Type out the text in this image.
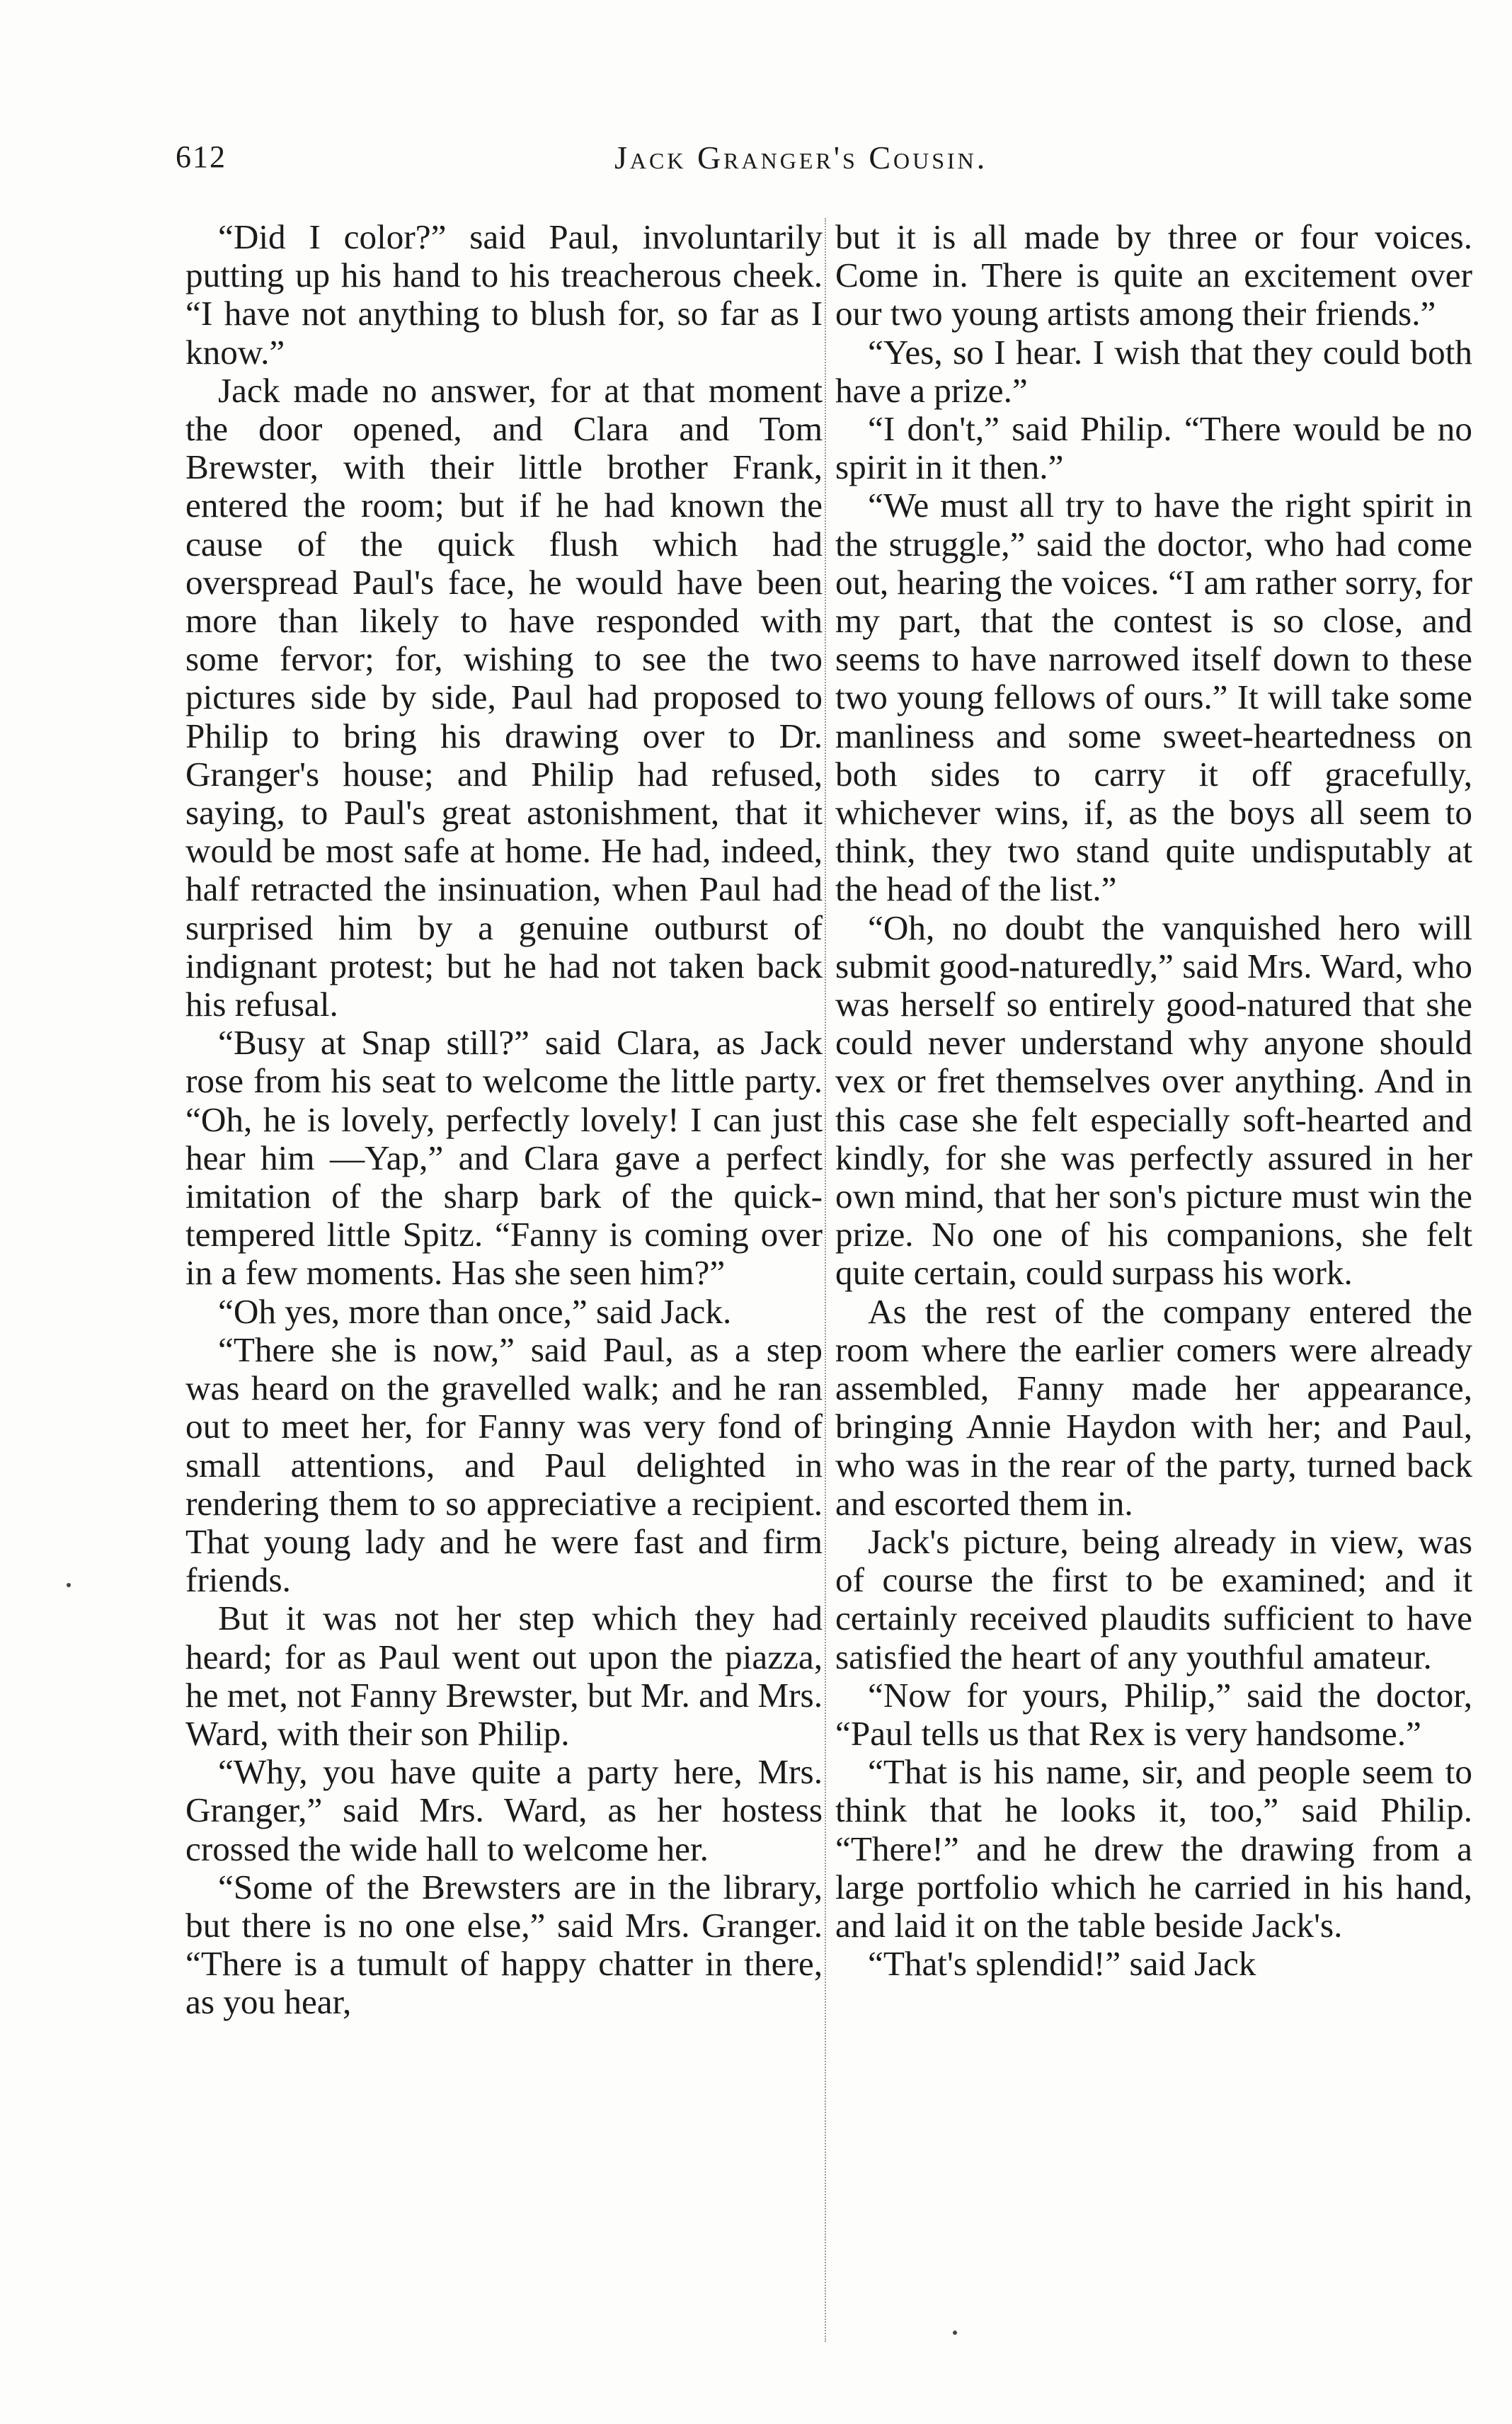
612	Jack Granger's Cousin.

“Did I color?” said Paul, involuntarily putting up his hand to his treacherous cheek. “I have not anything to blush for, so far as I know.”

Jack made no answer, for at that moment the door opened, and Clara and Tom Brewster, with their little brother Frank, entered the room; but if he had known the cause of the quick flush which had overspread Paul's face, he would have been more than likely to have responded with some fervor; for, wishing to see the two pictures side by side, Paul had proposed to Philip to bring his drawing over to Dr. Granger's house; and Philip had refused, saying, to Paul's great astonishment, that it would be most safe at home. He had, indeed, half retracted the insinuation, when Paul had surprised him by a genuine outburst of indignant protest; but he had not taken back his refusal.

“Busy at Snap still?” said Clara, as Jack rose from his seat to welcome the little party. “Oh, he is lovely, perfectly lovely! I can just hear him —Yap,” and Clara gave a perfect imitation of the sharp bark of the quick-tempered little Spitz. “Fanny is coming over in a few moments. Has she seen him?”

“Oh yes, more than once,” said Jack.

“There she is now,” said Paul, as a step was heard on the gravelled walk; and he ran out to meet her, for Fanny was very fond of small attentions, and Paul delighted in rendering them to so appreciative a recipient. That young lady and he were fast and firm friends.

But it was not her step which they had heard; for as Paul went out upon the piazza, he met, not Fanny Brewster, but Mr. and Mrs. Ward, with their son Philip.

“Why, you have quite a party here, Mrs. Granger,” said Mrs. Ward, as her hostess crossed the wide hall to welcome her.

“Some of the Brewsters are in the library, but there is no one else,” said Mrs. Granger. “There is a tumult of happy chatter in there, as you hear,

but it is all made by three or four voices. Come in. There is quite an excitement over our two young artists among their friends.”

“Yes, so I hear. I wish that they could both have a prize.”

“I don't,” said Philip. “There would be no spirit in it then.”

“We must all try to have the right spirit in the struggle,” said the doctor, who had come out, hearing the voices. “I am rather sorry, for my part, that the contest is so close, and seems to have narrowed itself down to these two young fellows of ours.” It will take some manliness and some sweet-heartedness on both sides to carry it off gracefully, whichever wins, if, as the boys all seem to think, they two stand quite undisputably at the head of the list.”

“Oh, no doubt the vanquished hero will submit good-naturedly,” said Mrs. Ward, who was herself so entirely good-natured that she could never understand why anyone should vex or fret themselves over anything. And in this case she felt especially soft-hearted and kindly, for she was perfectly assured in her own mind, that her son's picture must win the prize. No one of his companions, she felt quite certain, could surpass his work.

As the rest of the company entered the room where the earlier comers were already assembled, Fanny made her appearance, bringing Annie Haydon with her; and Paul, who was in the rear of the party, turned back and escorted them in.

Jack's picture, being already in view, was of course the first to be examined; and it certainly received plaudits sufficient to have satisfied the heart of any youthful amateur.

“Now for yours, Philip,” said the doctor, “Paul tells us that Rex is very handsome.”

“That is his name, sir, and people seem to think that he looks it, too,” said Philip. “There!” and he drew the drawing from a large portfolio which he carried in his hand, and laid it on the table beside Jack's.

“That's splendid!” said Jack
